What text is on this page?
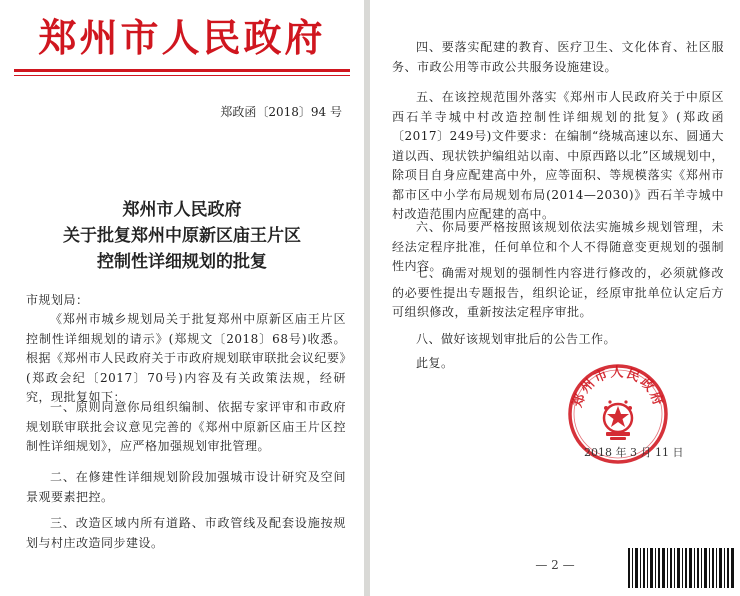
郑州市人民政府
郑政函〔2018〕94 号
郑州市人民政府
关于批复郑州中原新区庙王片区
控制性详细规划的批复
市规划局：
《郑州市城乡规划局关于批复郑州中原新区庙王片区控制性详细规划的请示》(郑规文〔2018〕68号)收悉。根据《郑州市人民政府关于市政府规划联审联批会议纪要》(郑政会纪〔2017〕70号)内容及有关政策法规，经研究，现批复如下：
一、原则同意你局组织编制、依据专家评审和市政府规划联审联批会议意见完善的《郑州中原新区庙王片区控制性详细规划》，应严格加强规划审批管理。
二、在修建性详细规划阶段加强城市设计研究及空间景观要素把控。
三、改造区域内所有道路、市政管线及配套设施按规划与村庄改造同步建设。
四、要落实配建的教育、医疗卫生、文化体育、社区服务、市政公用等市政公共服务设施建设。
五、在该控规范围外落实《郑州市人民政府关于中原区西石羊寺城中村改造控制性详细规划的批复》(郑政函〔2017〕249号)文件要求：在编制“绕城高速以东、圆通大道以西、现状铁护编组站以南、中原西路以北”区域规划中，除项目自身应配建高中外，应等面积、等规模落实《郑州市都市区中小学布局规划布局(2014—2030)》西石羊寺城中村改造范围内应配建的高中。
六、你局要严格按照该规划依法实施城乡规划管理，未经法定程序批准，任何单位和个人不得随意变更规划的强制性内容。
七、确需对规划的强制性内容进行修改的，必须就修改的必要性提出专题报告，组织论证，经原审批单位认定后方可组织修改，重新按法定程序审批。
八、做好该规划审批后的公告工作。
此复。
郑州市人民政府
2018 年 3 月 11 日
— 2 —
